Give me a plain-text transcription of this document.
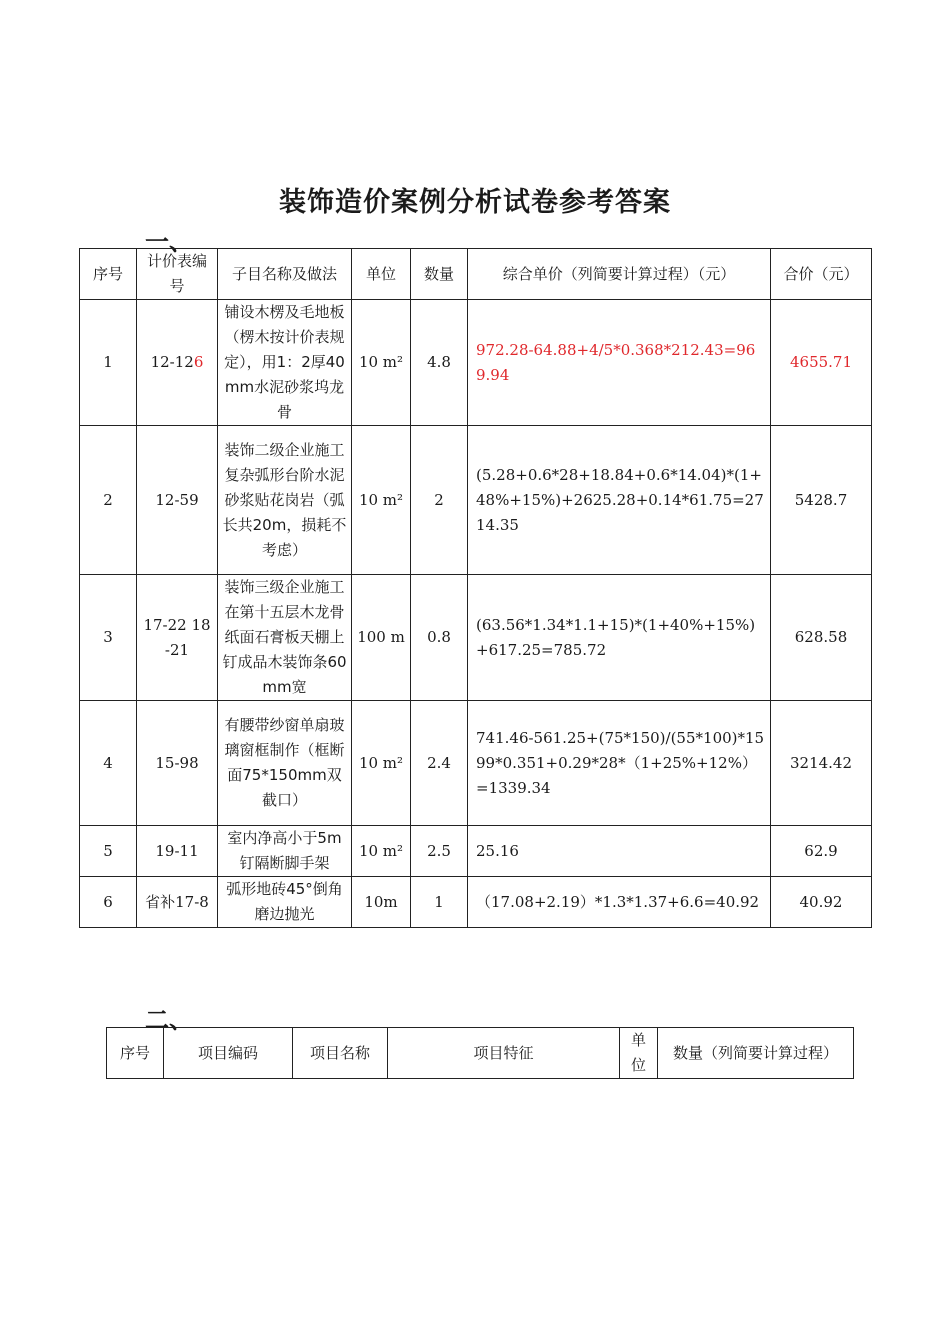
装饰造价案例分析试卷参考答案
一、
序号	计价表编号	子目名称及做法	单位	数量	综合单价（列简要计算过程）（元）	合价（元）
1	12-126	铺设木楞及毛地板（楞木按计价表规定），用1：2厚40mm水泥砂浆坞龙骨	10 m²	4.8	972.28-64.88+4/5*0.368*212.43=969.94	4655.71
2	12-59	装饰二级企业施工复杂弧形台阶水泥砂浆贴花岗岩（弧长共20m，损耗不考虑）	10 m²	2	(5.28+0.6*28+18.84+0.6*14.04)*(1+48%+15%)+2625.28+0.14*61.75=2714.35	5428.7
3	17-22 18-21	装饰三级企业施工在第十五层木龙骨纸面石膏板天棚上钉成品木装饰条60mm宽	100 m	0.8	(63.56*1.34*1.1+15)*(1+40%+15%)+617.25=785.72	628.58
4	15-98	有腰带纱窗单扇玻璃窗框制作（框断面75*150mm双截口）	10 m²	2.4	741.46-561.25+(75*150)/(55*100)*1599*0.351+0.29*28*（1+25%+12%）=1339.34	3214.42
5	19-11	室内净高小于5m钉隔断脚手架	10 m²	2.5	25.16	62.9
6	省补17-8	弧形地砖45°倒角磨边抛光	10m	1	（17.08+2.19）*1.3*1.37+6.6=40.92	40.92
二、
序号	项目编码	项目名称	项目特征	单位	数量（列简要计算过程）
